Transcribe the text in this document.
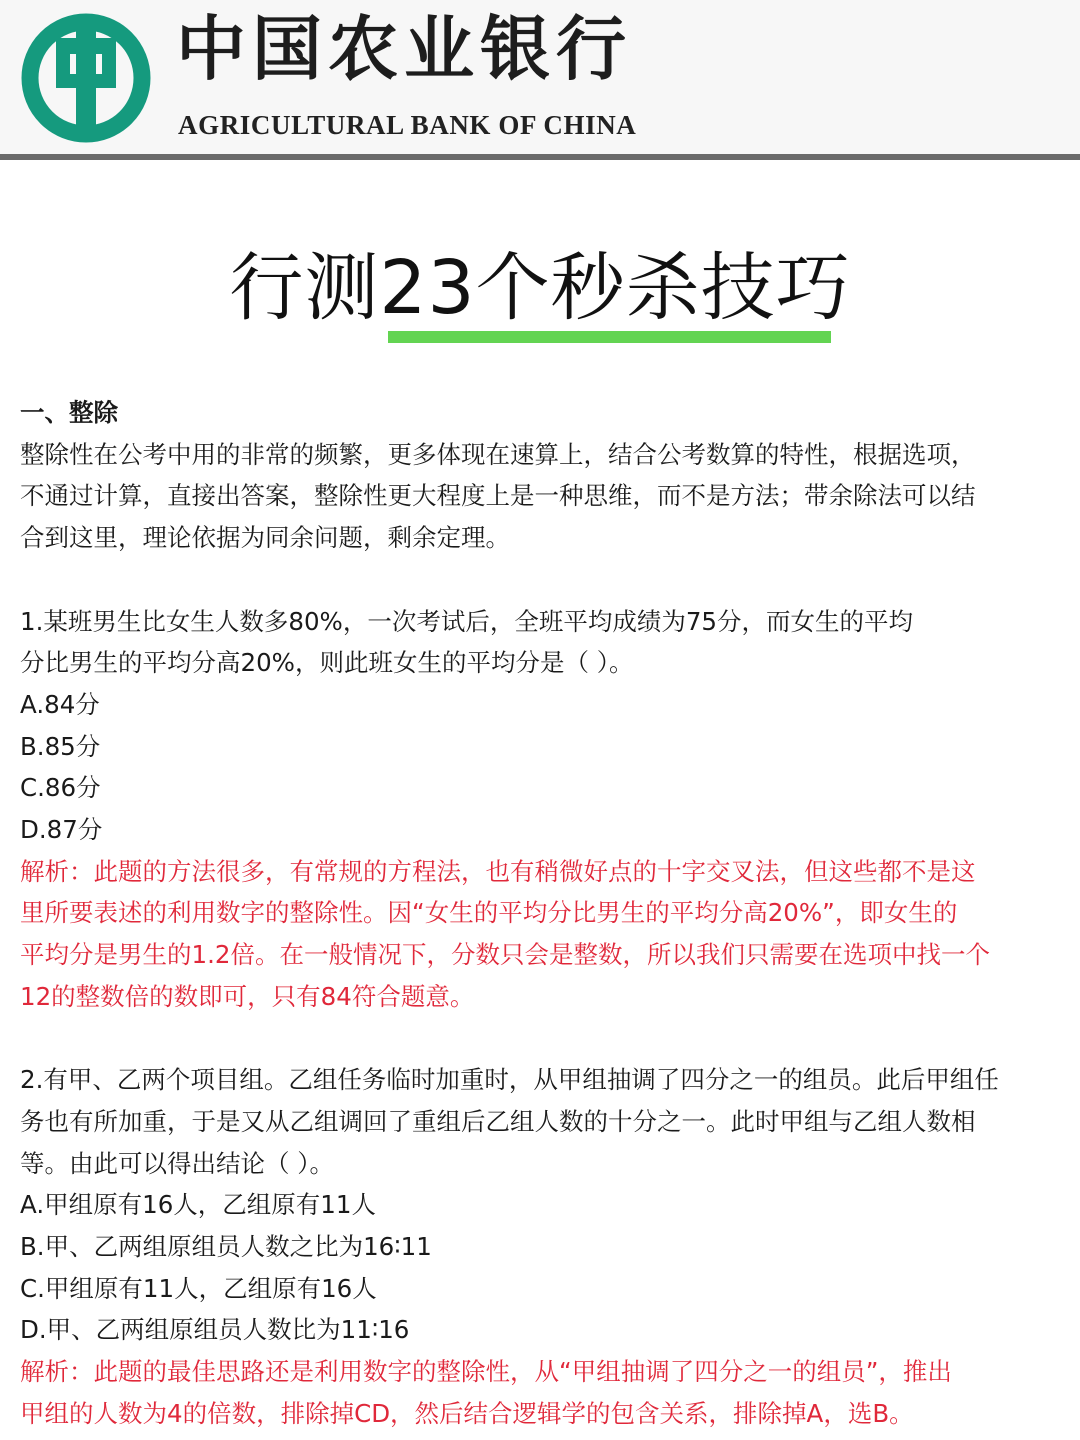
中国农业银行
AGRICULTURAL BANK OF CHINA
行测23个秒杀技巧

一、整除

整除性在公考中用的非常的频繁，更多体现在速算上，结合公考数算的特性，根据选项，

不通过计算，直接出答案，整除性更大程度上是一种思维，而不是方法；带余除法可以结

合到这里，理论依据为同余问题，剩余定理。

1.某班男生比女生人数多80%，一次考试后，全班平均成绩为75分，而女生的平均

分比男生的平均分高20%，则此班女生的平均分是（ ）。

A.84分

B.85分

C.86分

D.87分

解析：此题的方法很多，有常规的方程法，也有稍微好点的十字交叉法，但这些都不是这

里所要表述的利用数字的整除性。因“女生的平均分比男生的平均分高20%”，即女生的

平均分是男生的1.2倍。在一般情况下，分数只会是整数，所以我们只需要在选项中找一个

12的整数倍的数即可，只有84符合题意。

2.有甲、乙两个项目组。乙组任务临时加重时，从甲组抽调了四分之一的组员。此后甲组任

务也有所加重，于是又从乙组调回了重组后乙组人数的十分之一。此时甲组与乙组人数相

等。由此可以得出结论（ ）。

A.甲组原有16人，乙组原有11人

B.甲、乙两组原组员人数之比为16∶11

C.甲组原有11人，乙组原有16人

D.甲、乙两组原组员人数比为11∶16

解析：此题的最佳思路还是利用数字的整除性，从“甲组抽调了四分之一的组员”，推出

甲组的人数为4的倍数，排除掉CD，然后结合逻辑学的包含关系，排除掉A，选B。
